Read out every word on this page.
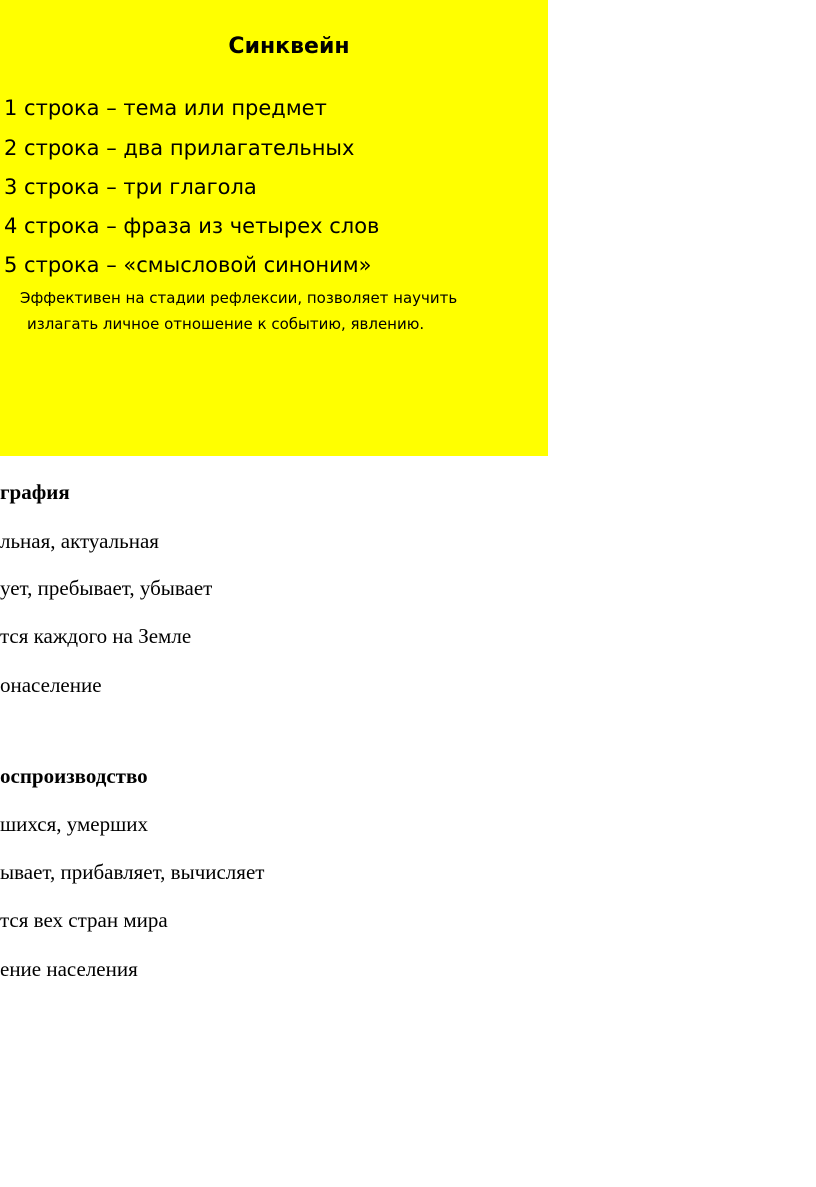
Синквейн
1 строка – тема или предмет
2 строка – два прилагательных
3 строка – три глагола
4 строка – фраза из четырех слов
5 строка – «смысловой синоним»
Эффективен на стадии рефлексии, позволяет научить
излагать личное отношение к событию, явлению.
графия
льная, актуальная
ует, пребывает, убывает
тся каждого на Земле
онаселение
оспроизводство
шихся, умерших
ывает, прибавляет, вычисляет
тся вех стран мира
ение населения
